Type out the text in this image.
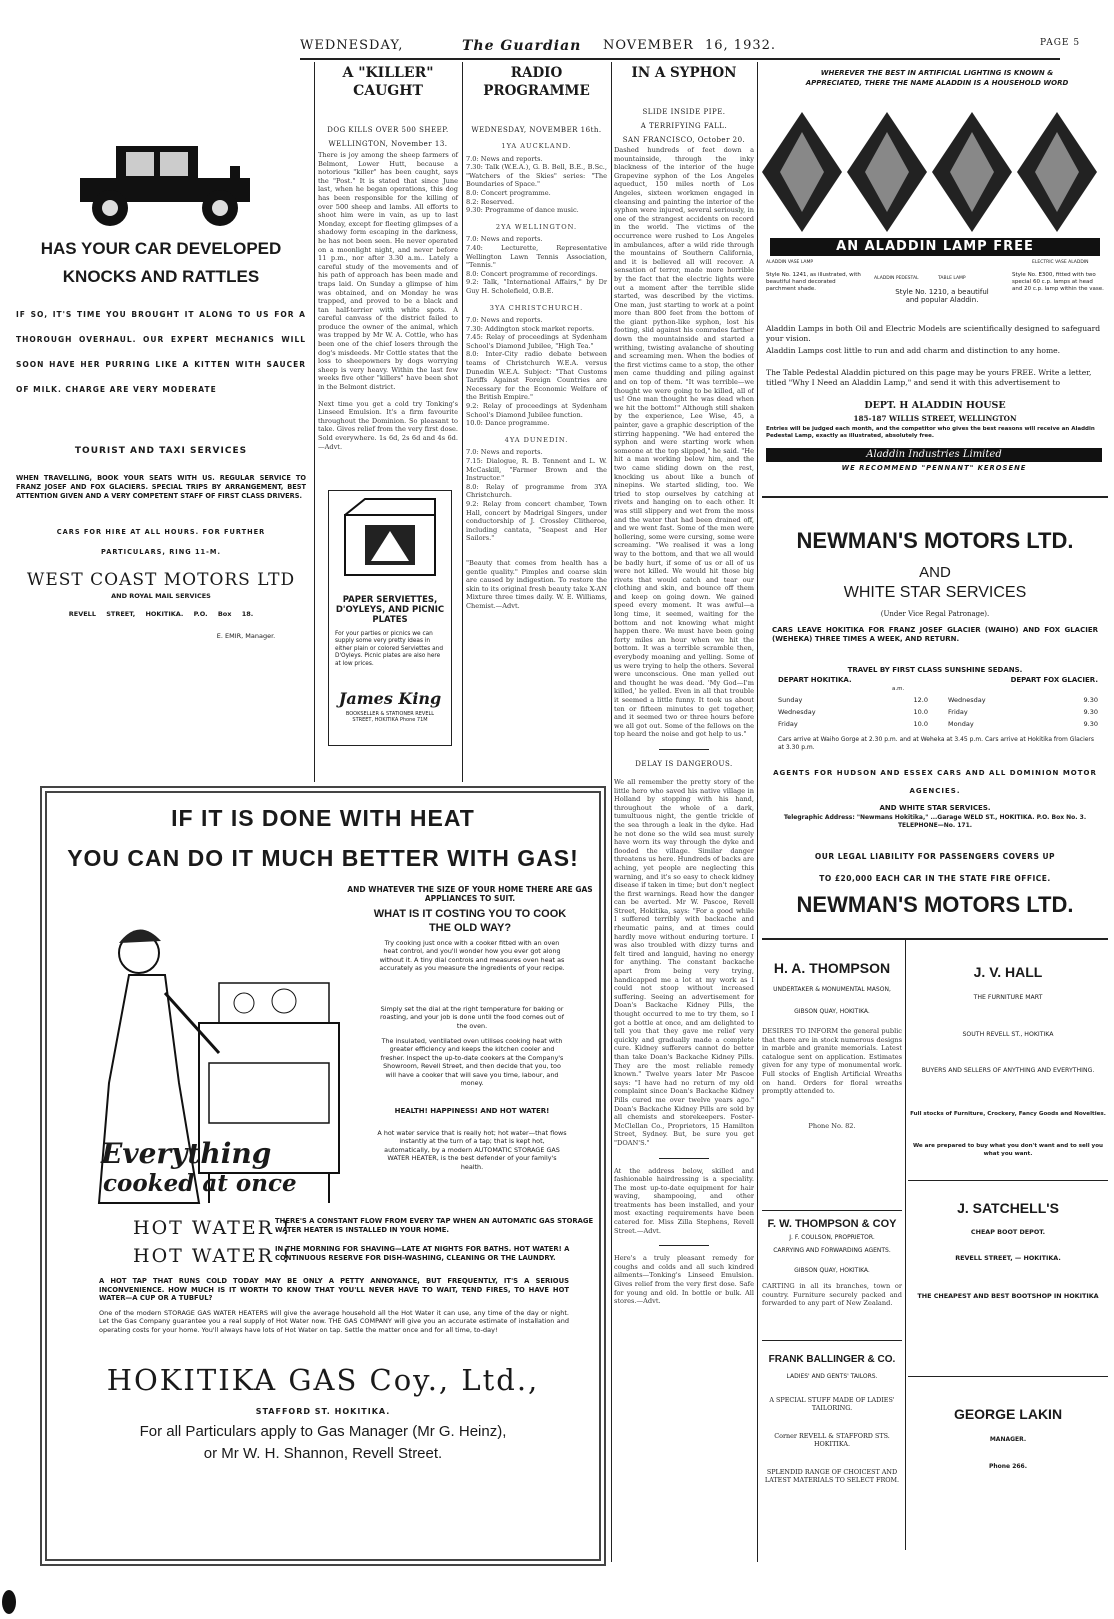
WEDNESDAY,	The Guardian NOVEMBER 16, 1932.	PAGE 5
HAS YOUR CAR DEVELOPED
KNOCKS AND RATTLES
IF SO, IT'S TIME YOU BROUGHT IT ALONG TO US FOR A THOROUGH OVERHAUL. OUR EXPERT MECHANICS WILL SOON HAVE HER PURRING LIKE A KITTEN WITH SAUCER OF MILK. CHARGE ARE VERY MODERATE
TOURIST AND TAXI SERVICES
WHEN TRAVELLING, BOOK YOUR SEATS WITH US. REGULAR SERVICE TO FRANZ JOSEF AND FOX GLACIERS. SPECIAL TRIPS BY ARRANGEMENT, BEST ATTENTION GIVEN AND A VERY COMPETENT STAFF OF FIRST CLASS DRIVERS.
CARS FOR HIRE AT ALL HOURS. FOR FURTHER PARTICULARS, RING 11-M.
WEST COAST MOTORS LTD
AND ROYAL MAIL SERVICES
REVELL STREET, HOKITIKA. P.O. Box 18.
E. EMIR, Manager.
A "KILLER" CAUGHT
DOG KILLS OVER 500 SHEEP.
WELLINGTON, November 13.
There is joy among the sheep farmers of Belmont, Lower Hutt, because a notorious "killer" has been caught, says the "Post." It is stated that since June last, when he began operations, this dog has been responsible for the killing of over 500 sheep and lambs. All efforts to shoot him were in vain, as up to last Monday, except for fleeting glimpses of a shadowy form escaping in the darkness, he has not been seen. He never operated on a moonlight night, and never before 11 p.m., nor after 3.30 a.m.. Lately a careful study of the movements and of his path of approach has been made and traps laid. On Sunday a glimpse of him was obtained, and on Monday he was trapped, and proved to be a black and tan half-terrier with white spots. A careful canvass of the district failed to produce the owner of the animal, which was trapped by Mr W. A. Cottle, who has been one of the chief losers through the dog's misdeeds. Mr Cottle states that the loss to sheepowners by dogs worrying sheep is very heavy. Within the last few weeks five other "killers" have been shot in the Belmont district.
Next time you get a cold try Tonking's Linseed Emulsion. It's a firm favourite throughout the Dominion. So pleasant to take. Gives relief from the very first dose. Sold everywhere. 1s 6d, 2s 6d and 4s 6d.—Advt.
PAPER SERVIETTES, D'OYLEYS, AND PICNIC PLATES
For your parties or picnics we can supply some very pretty ideas in either plain or colored Serviettes and D'Oyleys. Picnic plates are also here at low prices.
James King
BOOKSELLER & STATIONER REVELL STREET, HOKITIKA Phone 71M
RADIO PROGRAMME
WEDNESDAY, NOVEMBER 16th.
1YA AUCKLAND.
7.0: News and reports.
7.30: Talk (W.E.A.), G. B. Bell, B.E., B.Sc., "Watchers of the Skies" series: "The Boundaries of Space."
8.0: Concert programme.
8.2: Reserved.
9.30: Programme of dance music.
2YA WELLINGTON.
7.0: News and reports.
7.40: Lecturette, Representative Wellington Lawn Tennis Association, "Tennis."
8.0: Concert programme of recordings.
9.2: Talk, "International Affairs," by Dr Guy H. Scholefield, O.B.E.
3YA CHRISTCHURCH.
7.0: News and reports.
7.30: Addington stock market reports.
7.45: Relay of proceedings at Sydenham School's Diamond Jubilee, "High Tea."
8.0: Inter-City radio debate between teams of Christchurch W.E.A. versus Dunedin W.E.A. Subject: "That Customs Tariffs Against Foreign Countries are Necessary for the Economic Welfare of the British Empire."
9.2: Relay of proceedings at Sydenham School's Diamond Jubilee function.
10.0: Dance programme.
4YA DUNEDIN.
7.0: News and reports.
7.15: Dialogue, R. B. Tennent and L. W. McCaskill, "Farmer Brown and the Instructor."
8.0: Relay of programme from 3YA Christchurch.
9.2: Relay from concert chamber, Town Hall, concert by Madrigal Singers, under conductorship of J. Crossley Clitheroe, including cantata, "Seapest and Her Sailors."
"Beauty that comes from health has a gentle quality." Pimples and coarse skin are caused by indigestion. To restore the skin to its original fresh beauty take X-AN Mixture three times daily. W. E. Williams, Chemist.—Advt.
IN A SYPHON
SLIDE INSIDE PIPE.
A TERRIFYING FALL.
SAN FRANCISCO, October 20.
Dashed hundreds of feet down a mountainside, through the inky blackness of the interior of the huge Grapevine syphon of the Los Angeles aqueduct, 150 miles north of Los Angeles, sixteen workmen engaged in cleansing and painting the interior of the syphon were injured, several seriously, in one of the strangest accidents on record in the world. The victims of the occurrence were rushed to Los Angeles in ambulances, after a wild ride through the mountains of Southern California, and it is believed all will recover. A sensation of terror, made more horrible by the fact that the electric lights were out a moment after the terrible slide started, was described by the victims. One man, just starting to work at a point more than 800 feet from the bottom of the giant python-like syphon, lost his footing, slid against his comrades farther down the mountainside and started a writhing, twisting avalanche of shouting and screaming men. When the bodies of the first victims came to a stop, the other men came thudding and piling against and on top of them. "It was terrible—we thought we were going to be killed, all of us! One man thought he was dead when we hit the bottom!" Although still shaken by the experience, Lee Wise, 45, a painter, gave a graphic description of the stirring happening. "We had entered the syphon and were starting work when someone at the top slipped," he said. "He hit a man working below him, and the two came sliding down on the rest, knocking us about like a bunch of ninepins. We started sliding, too. We tried to stop ourselves by catching at rivets and hanging on to each other. It was still slippery and wet from the moss and the water that had been drained off, and we went fast. Some of the men were hollering, some were cursing, some were screaming. "We realised it was a long way to the bottom, and that we all would be badly hurt, if some of us or all of us were not killed. We would hit those big rivets that would catch and tear our clothing and skin, and bounce off them and keep on going down. We gained speed every moment. It was awful—a long time, it seemed, waiting for the bottom and not knowing what might happen there. We must have been going forty miles an hour when we hit the bottom. It was a terrible scramble then, everybody moaning and yelling. Some of us were trying to help the others. Several were unconscious. One man yelled out and thought he was dead. 'My God—I'm killed,' he yelled. Even in all that trouble it seemed a little funny. It took us about ten or fifteen minutes to get together, and it seemed two or three hours before we all got out. Some of the fellows on the top heard the noise and got help to us."
DELAY IS DANGEROUS.
We all remember the pretty story of the little hero who saved his native village in Holland by stopping with his hand, throughout the whole of a dark, tumultuous night, the gentle trickle of the sea through a leak in the dyke. Had he not done so the wild sea must surely have worn its way through the dyke and flooded the village. Similar danger threatens us here. Hundreds of backs are aching, yet people are neglecting this warning, and it's so easy to check kidney disease if taken in time; but don't neglect the first warnings. Read how the danger can be averted. Mr W. Pascoe, Revell Street, Hokitika, says: "For a good while I suffered terribly with backache and rheumatic pains, and at times could hardly move without enduring torture. I was also troubled with dizzy turns and felt tired and languid, having no energy for anything. The constant backache apart from being very trying, handicapped me a lot at my work as I could not stoop without increased suffering. Seeing an advertisement for Doan's Backache Kidney Pills, the thought occurred to me to try them, so I got a bottle at once, and am delighted to tell you that they gave me relief very quickly and gradually made a complete cure. Kidney sufferers cannot do better than take Doan's Backache Kidney Pills. They are the most reliable remedy known." Twelve years later Mr Pascoe says: "I have had no return of my old complaint since Doan's Backache Kidney Pills cured me over twelve years ago." Doan's Backache Kidney Pills are sold by all chemists and storekeepers. Foster-McClellan Co., Proprietors, 15 Hamilton Street, Sydney. But, be sure you get "DOAN'S."
At the address below, skilled and fashionable hairdressing is a speciality. The most up-to-date equipment for hair waving, shampooing, and other treatments has been installed, and your most exacting requirements have been catered for. Miss Zilla Stephens, Revell Street.—Advt.
Here's a truly pleasant remedy for coughs and colds and all such kindred ailments—Tonking's Linseed Emulsion. Gives relief from the very first dose. Safe for young and old. In bottle or bulk. All stores.—Advt.
IF IT IS DONE WITH HEAT
YOU CAN DO IT MUCH BETTER WITH GAS!
AND WHATEVER THE SIZE OF YOUR HOME THERE ARE GAS APPLIANCES TO SUIT.
WHAT IS IT COSTING YOU TO COOK THE OLD WAY?
Try cooking just once with a cooker fitted with an oven heat control, and you'll wonder how you ever got along without it. A tiny dial controls and measures oven heat as accurately as you measure the ingredients of your recipe.
Simply set the dial at the right temperature for baking or roasting, and your job is done until the food comes out of the oven.
The insulated, ventilated oven utilises cooking heat with greater efficiency and keeps the kitchen cooler and fresher. Inspect the up-to-date cookers at the Company's Showroom, Revell Street, and then decide that you, too will have a cooker that will save you time, labour, and money.
HEALTH! HAPPINESS! AND HOT WATER!
A hot water service that is really hot; hot water—that flows instantly at the turn of a tap; that is kept hot, automatically, by a modern AUTOMATIC STORAGE GAS WATER HEATER, is the best defender of your family's health.
Everything
cooked at once
HOT WATER !
THERE'S A CONSTANT FLOW FROM EVERY TAP WHEN AN AUTOMATIC GAS STORAGE WATER HEATER IS INSTALLED IN YOUR HOME.
HOT WATER !
IN THE MORNING FOR SHAVING—LATE AT NIGHTS FOR BATHS. HOT WATER! A CONTINUOUS RESERVE FOR DISH-WASHING, CLEANING OR THE LAUNDRY.
A HOT TAP THAT RUNS COLD TODAY MAY BE ONLY A PETTY ANNOYANCE, BUT FREQUENTLY, IT'S A SERIOUS INCONVENIENCE. HOW MUCH IS IT WORTH TO KNOW THAT YOU'LL NEVER HAVE TO WAIT, TEND FIRES, TO HAVE HOT WATER—A CUP OR A TUBFUL?
One of the modern STORAGE GAS WATER HEATERS will give the average household all the Hot Water it can use, any time of the day or night. Let the Gas Company guarantee you a real supply of Hot Water now. THE GAS COMPANY will give you an accurate estimate of installation and operating costs for your home. You'll always have lots of Hot Water on tap. Settle the matter once and for all time, to-day!
HOKITIKA GAS Coy., Ltd.,
STAFFORD ST. HOKITIKA.
For all Particulars apply to Gas Manager (Mr G. Heinz),
or Mr W. H. Shannon, Revell Street.
WHEREVER THE BEST IN ARTIFICIAL LIGHTING IS KNOWN & APPRECIATED, THERE THE NAME ALADDIN IS A HOUSEHOLD WORD
AN ALADDIN LAMP FREE
ALADDIN VASE LAMP
ALADDIN PEDESTAL	TABLE LAMP
ELECTRIC VASE ALADDIN
Style No. 1241, as illustrated, with beautiful hand decorated parchment shade.	Style No. 1210, a beautiful and popular Aladdin.
Style No. E300, fitted with two special 60 c.p. lamps at head and 20 c.p. lamp within the vase.
Aladdin Lamps in both Oil and Electric Models are scientifically designed to safeguard your vision.
Aladdin Lamps cost little to run and add charm and distinction to any home.
The Table Pedestal Aladdin pictured on this page may be yours FREE. Write a letter, titled "Why I Need an Aladdin Lamp," and send it with this advertisement to
DEPT. H ALADDIN HOUSE
185-187 WILLIS STREET, WELLINGTON
Entries will be judged each month, and the competitor who gives the best reasons will receive an Aladdin Pedestal Lamp, exactly as illustrated, absolutely free.
Aladdin Industries Limited
WE RECOMMEND "PENNANT" KEROSENE
NEWMAN'S MOTORS LTD.
AND
WHITE STAR SERVICES
(Under Vice Regal Patronage).
CARS LEAVE HOKITIKA FOR FRANZ JOSEF GLACIER (WAIHO) AND FOX GLACIER (WEHEKA) THREE TIMES A WEEK, AND RETURN.
TRAVEL BY FIRST CLASS SUNSHINE SEDANS.
DEPART HOKITIKA.	DEPART FOX GLACIER.
a.m.
Sunday	12.0	Wednesday	9.30
Wednesday	10.0	Friday	9.30
Friday	10.0	Monday	9.30
Cars arrive at Waiho Gorge at 2.30 p.m. and at Weheka at 3.45 p.m. Cars arrive at Hokitika from Glaciers at 3.30 p.m.
AGENTS FOR HUDSON AND ESSEX CARS AND ALL DOMINION MOTOR AGENCIES.
AND WHITE STAR SERVICES.
Telegraphic Address: "Newmans Hokitika," ...Garage WELD ST., HOKITIKA. P.O. Box No. 3. TELEPHONE—No. 171.
OUR LEGAL LIABILITY FOR PASSENGERS COVERS UP
TO £20,000 EACH CAR IN THE STATE FIRE OFFICE.
NEWMAN'S MOTORS LTD.
H. A. THOMPSON
UNDERTAKER & MONUMENTAL MASON,
GIBSON QUAY, HOKITIKA.
DESIRES TO INFORM the general public that there are in stock numerous designs in marble and granite memorials. Latest catalogue sent on application. Estimates given for any type of monumental work. Full stocks of English Artificial Wreaths on hand. Orders for floral wreaths promptly attended to.
Phone No. 82.
J. V. HALL
THE FURNITURE MART
SOUTH REVELL ST., HOKITIKA
BUYERS AND SELLERS OF ANYTHING AND EVERYTHING.
Full stocks of Furniture, Crockery, Fancy Goods and Novelties.
We are prepared to buy what you don't want and to sell you what you want.
F. W. THOMPSON & COY
J. F. COULSON, PROPRIETOR.
CARRYING AND FORWARDING AGENTS.
GIBSON QUAY, HOKITIKA.
CARTING in all its branches, town or country. Furniture securely packed and forwarded to any part of New Zealand.
J. SATCHELL'S
CHEAP BOOT DEPOT.
REVELL STREET, — HOKITIKA.
THE CHEAPEST AND BEST BOOTSHOP IN HOKITIKA
FRANK BALLINGER & CO.
LADIES' AND GENTS' TAILORS.
A SPECIAL STUFF MADE OF LADIES' TAILORING.
Corner REVELL & STAFFORD STS. HOKITIKA.
SPLENDID RANGE OF CHOICEST AND LATEST MATERIALS TO SELECT FROM.
GEORGE LAKIN
MANAGER.
Phone 266.
